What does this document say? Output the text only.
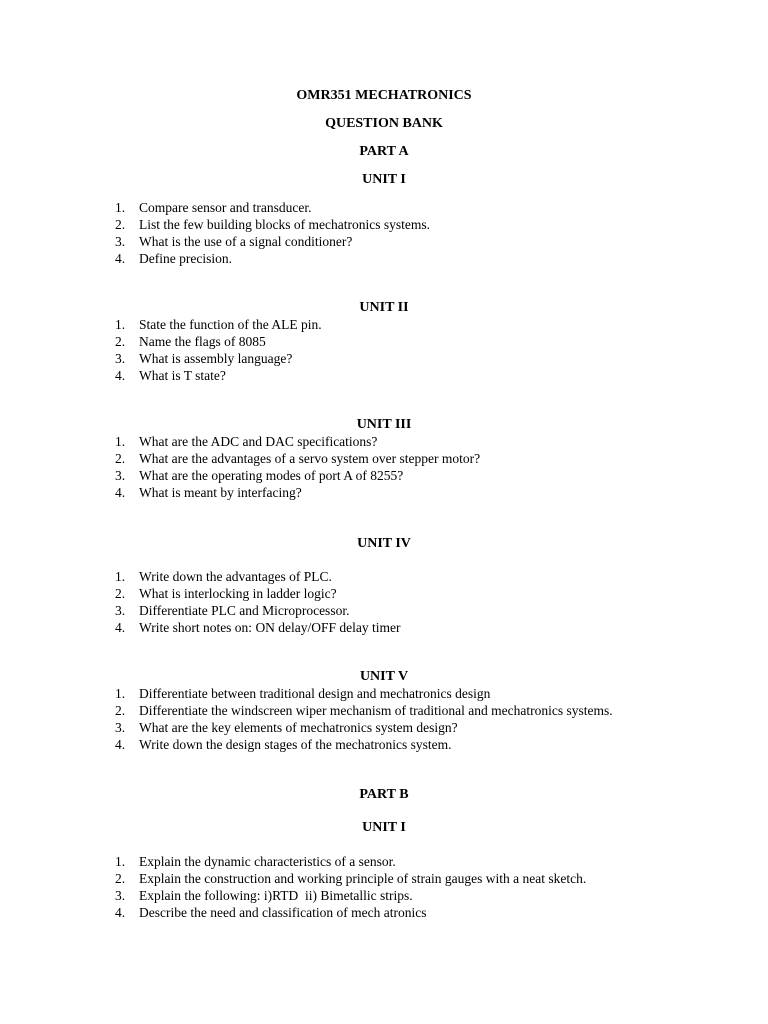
OMR351 MECHATRONICS
QUESTION BANK
PART A
UNIT I
1.	Compare sensor and transducer.
2.	List the few building blocks of mechatronics systems.
3.	What is the use of a signal conditioner?
4.	Define precision.
UNIT II
1.	State the function of the ALE pin.
2.	Name the flags of 8085
3.	What is assembly language?
4.	What is T state?
UNIT III
1.	What are the ADC and DAC specifications?
2.	What are the advantages of a servo system over stepper motor?
3.	What are the operating modes of port A of 8255?
4.	What is meant by interfacing?
UNIT IV
1.	Write down the advantages of PLC.
2.	What is interlocking in ladder logic?
3.	Differentiate PLC and Microprocessor.
4.	Write short notes on: ON delay/OFF delay timer
UNIT V
1.	Differentiate between traditional design and mechatronics design
2.	Differentiate the windscreen wiper mechanism of traditional and mechatronics systems.
3.	What are the key elements of mechatronics system design?
4.	Write down the design stages of the mechatronics system.
PART B
UNIT I
1.	Explain the dynamic characteristics of a sensor.
2.	Explain the construction and working principle of strain gauges with a neat sketch.
3.	Explain the following: i)RTD  ii) Bimetallic strips.
4.	Describe the need and classification of mech atronics
